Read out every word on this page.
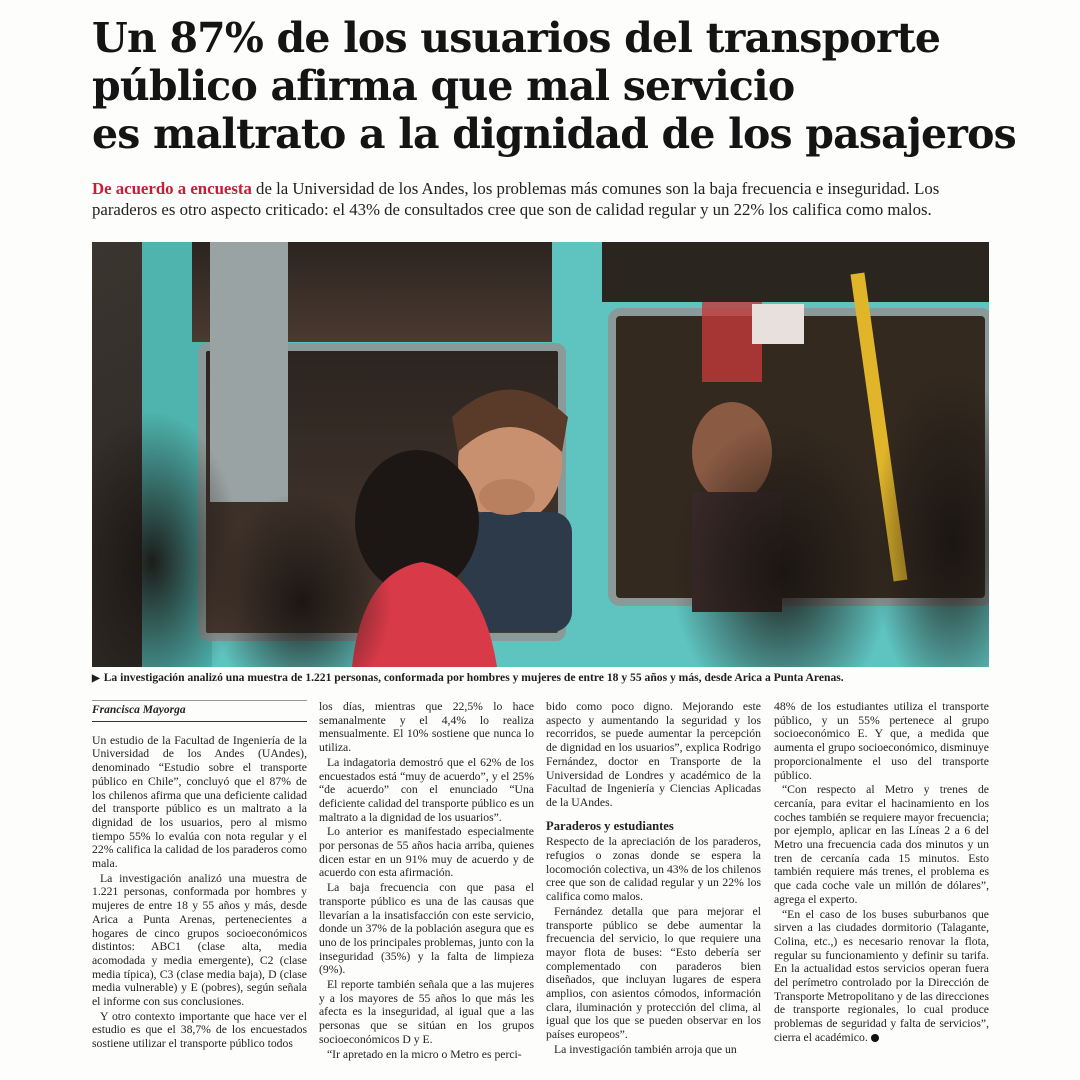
Un 87% de los usuarios del transporte
público afirma que mal servicio
es maltrato a la dignidad de los pasajeros

De acuerdo a encuesta de la Universidad de los Andes, los problemas más comunes son la baja frecuencia e inseguridad. Los paraderos es otro aspecto criticado: el 43% de consultados cree que son de calidad regular y un 22% los califica como malos.

▶ La investigación analizó una muestra de 1.221 personas, conformada por hombres y mujeres de entre 18 y 55 años y más, desde Arica a Punta Arenas.

Francisca Mayorga

Un estudio de la Facultad de Ingeniería de la Universidad de los Andes (UAndes), denominado “Estudio sobre el transporte público en Chile”, concluyó que el 87% de los chilenos afirma que una deficiente calidad del transporte público es un maltrato a la dignidad de los usuarios, pero al mismo tiempo 55% lo evalúa con nota regular y el 22% califica la calidad de los paraderos como mala.

La investigación analizó una muestra de 1.221 personas, conformada por hombres y mujeres de entre 18 y 55 años y más, desde Arica a Punta Arenas, pertenecientes a hogares de cinco grupos socioeconómicos distintos: ABC1 (clase alta, media acomodada y media emergente), C2 (clase media típica), C3 (clase media baja), D (clase media vulnerable) y E (pobres), según señala el informe con sus conclusiones.

Y otro contexto importante que hace ver el estudio es que el 38,7% de los encuestados sostiene utilizar el transporte público todos

los días, mientras que 22,5% lo hace semanalmente y el 4,4% lo realiza mensualmente. El 10% sostiene que nunca lo utiliza.

La indagatoria demostró que el 62% de los encuestados está “muy de acuerdo”, y el 25% “de acuerdo” con el enunciado “Una deficiente calidad del transporte público es un maltrato a la dignidad de los usuarios”.

Lo anterior es manifestado especialmente por personas de 55 años hacia arriba, quienes dicen estar en un 91% muy de acuerdo y de acuerdo con esta afirmación.

La baja frecuencia con que pasa el transporte público es una de las causas que llevarían a la insatisfacción con este servicio, donde un 37% de la población asegura que es uno de los principales problemas, junto con la inseguridad (35%) y la falta de limpieza (9%).

El reporte también señala que a las mujeres y a los mayores de 55 años lo que más les afecta es la inseguridad, al igual que a las personas que se sitúan en los grupos socioeconómicos D y E.

“Ir apretado en la micro o Metro es perci-

bido como poco digno. Mejorando este aspecto y aumentando la seguridad y los recorridos, se puede aumentar la percepción de dignidad en los usuarios”, explica Rodrigo Fernández, doctor en Transporte de la Universidad de Londres y académico de la Facultad de Ingeniería y Ciencias Aplicadas de la UAndes.

Paraderos y estudiantes

Respecto de la apreciación de los paraderos, refugios o zonas donde se espera la locomoción colectiva, un 43% de los chilenos cree que son de calidad regular y un 22% los califica como malos.

Fernández detalla que para mejorar el transporte público se debe aumentar la frecuencia del servicio, lo que requiere una mayor flota de buses: “Esto debería ser complementado con paraderos bien diseñados, que incluyan lugares de espera amplios, con asientos cómodos, información clara, iluminación y protección del clima, al igual que los que se pueden observar en los países europeos”.

La investigación también arroja que un

48% de los estudiantes utiliza el transporte público, y un 55% pertenece al grupo socioeconómico E. Y que, a medida que aumenta el grupo socioeconómico, disminuye proporcionalmente el uso del transporte público.

“Con respecto al Metro y trenes de cercanía, para evitar el hacinamiento en los coches también se requiere mayor frecuencia; por ejemplo, aplicar en las Líneas 2 a 6 del Metro una frecuencia cada dos minutos y un tren de cercanía cada 15 minutos. Esto también requiere más trenes, el problema es que cada coche vale un millón de dólares”, agrega el experto.

“En el caso de los buses suburbanos que sirven a las ciudades dormitorio (Talagante, Colina, etc.,) es necesario renovar la flota, regular su funcionamiento y definir su tarifa. En la actualidad estos servicios operan fuera del perímetro controlado por la Dirección de Transporte Metropolitano y de las direcciones de transporte regionales, lo cual produce problemas de seguridad y falta de servicios”, cierra el académico.
